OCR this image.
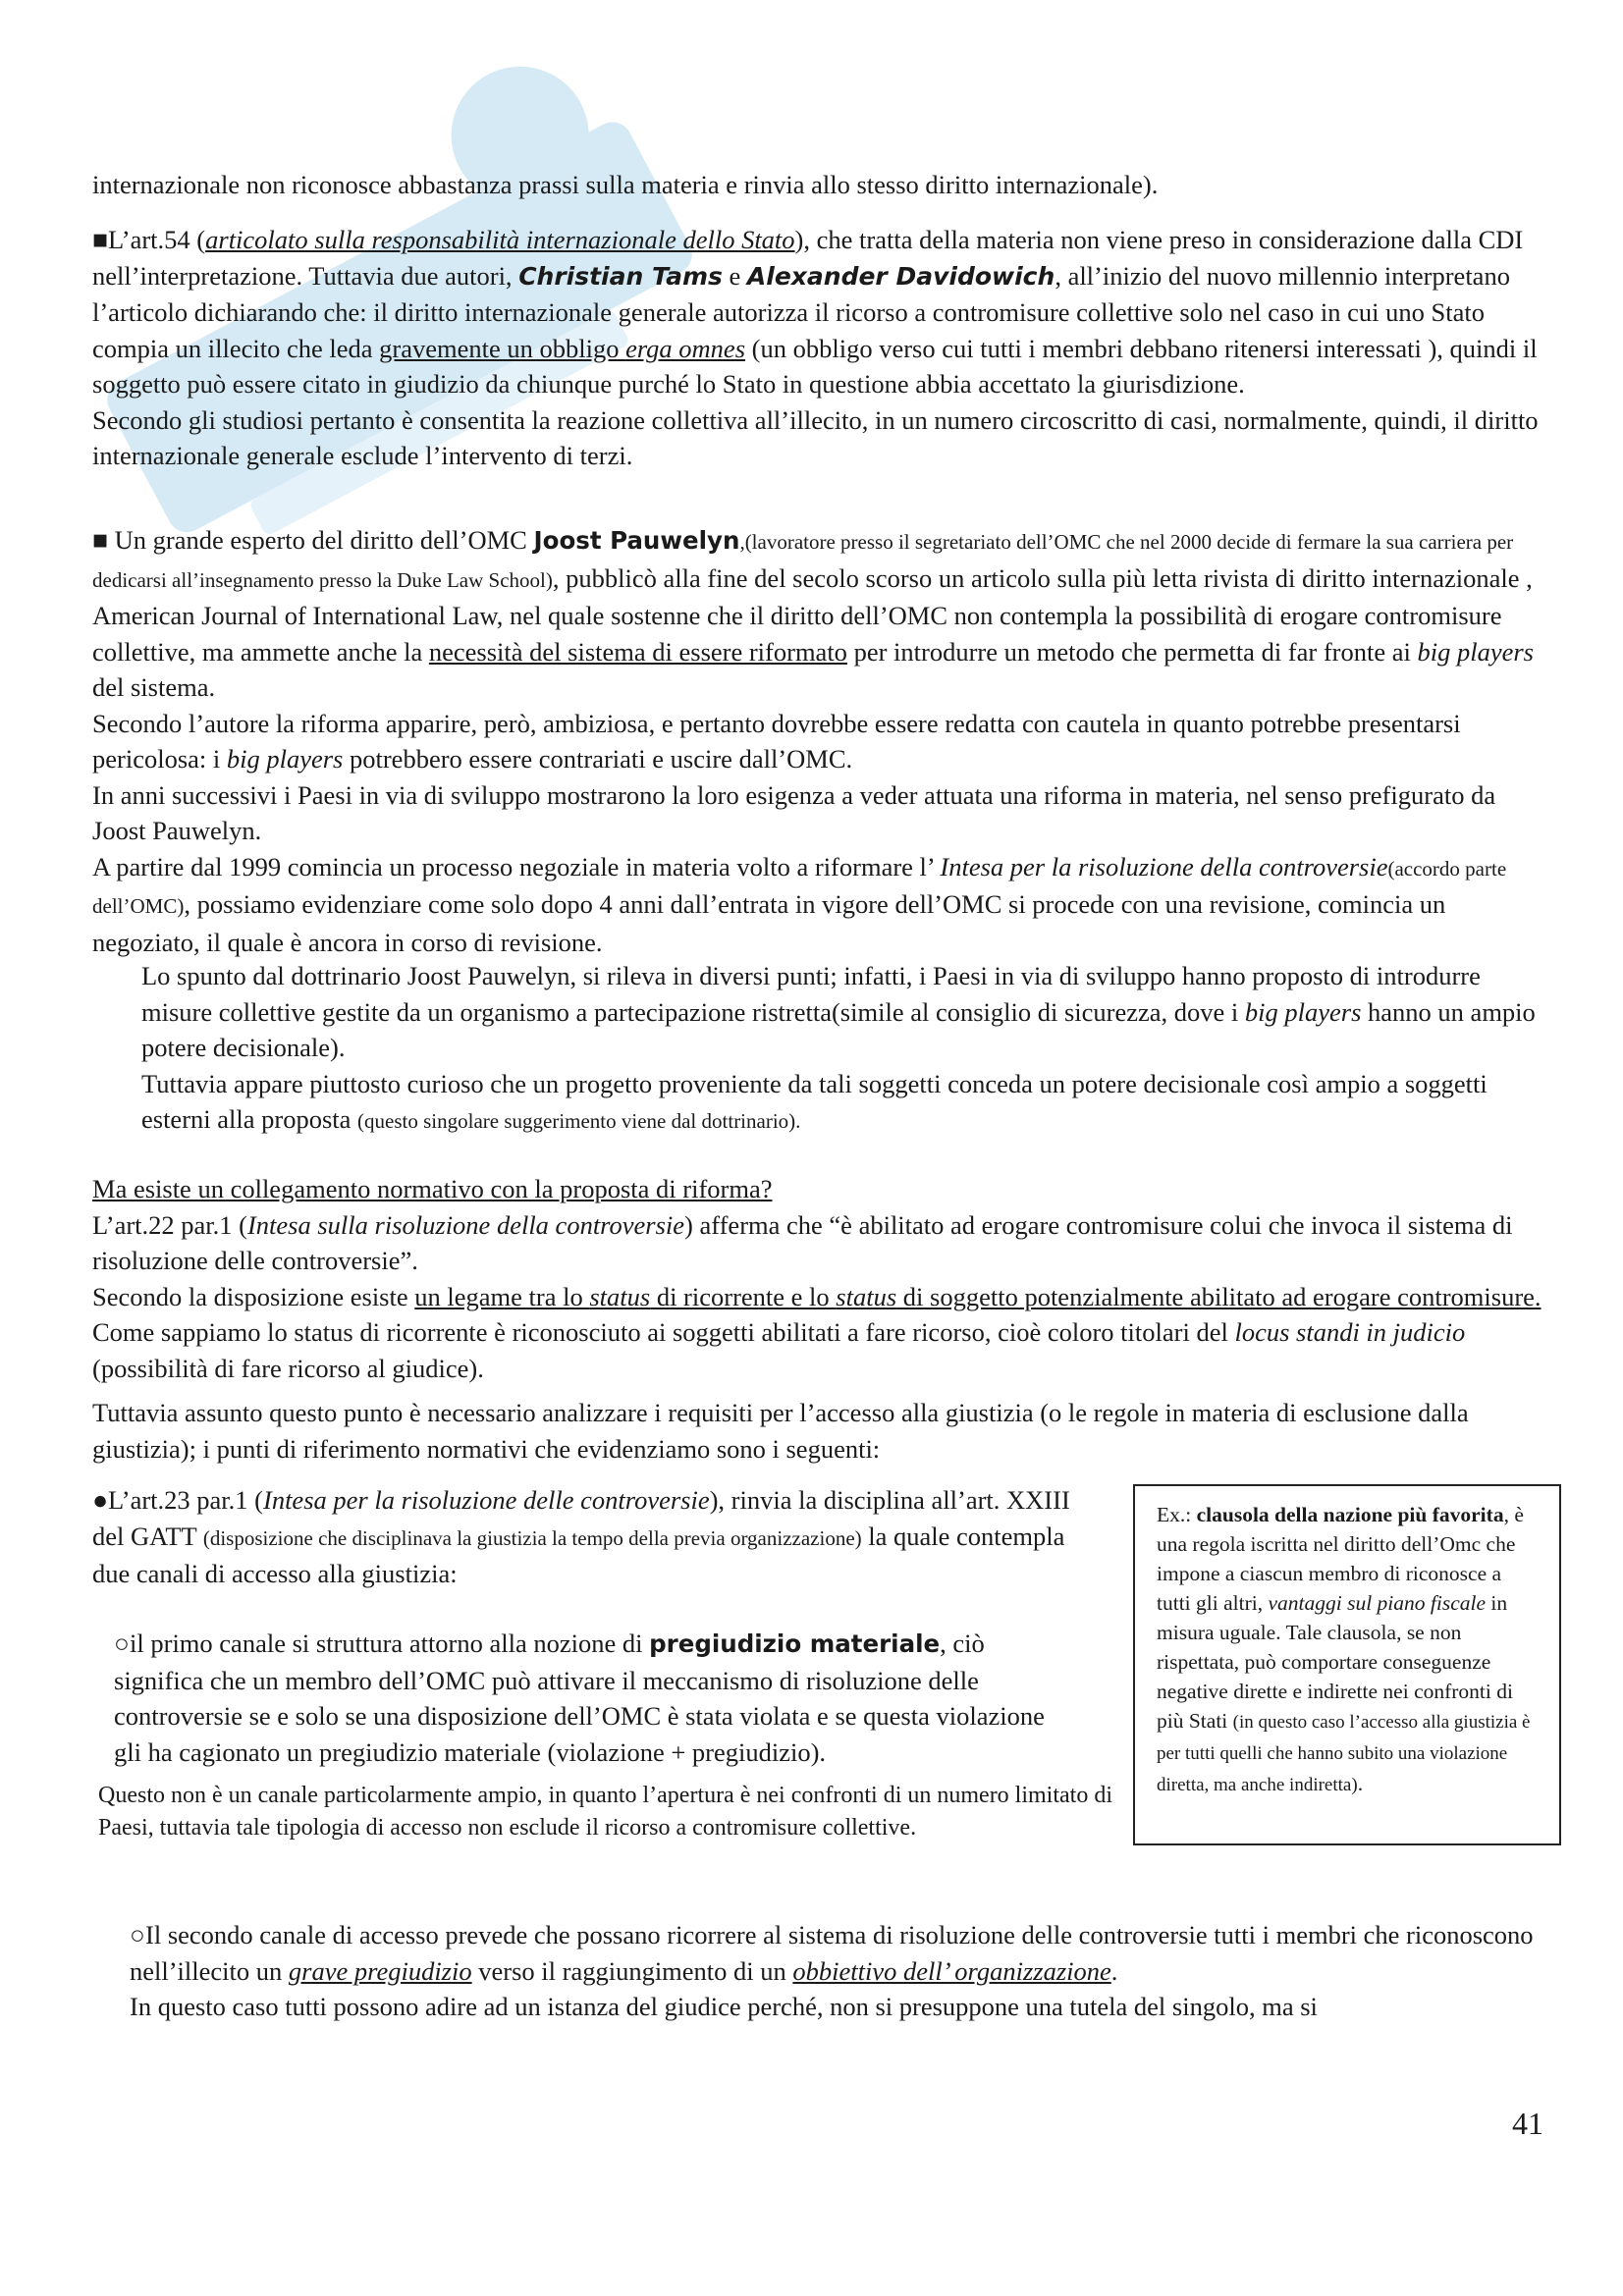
internazionale non riconosce abbastanza prassi sulla materia e rinvia allo stesso diritto internazionale).

■L’art.54 (articolato sulla responsabilità internazionale dello Stato), che tratta della materia non viene preso in considerazione dalla CDI nell’interpretazione. Tuttavia due autori, Christian Tams e Alexander Davidowich, all’inizio del nuovo millennio interpretano l’articolo dichiarando che: il diritto internazionale generale autorizza il ricorso a contromisure collettive solo nel caso in cui uno Stato compia un illecito che leda gravemente un obbligo erga omnes (un obbligo verso cui tutti i membri debbano ritenersi interessati ), quindi il soggetto può essere citato in giudizio da chiunque purché lo Stato in questione abbia accettato la giurisdizione.

Secondo gli studiosi pertanto è consentita la reazione collettiva all’illecito, in un numero circoscritto di casi, normalmente, quindi, il diritto internazionale generale esclude l’intervento di terzi.

■ Un grande esperto del diritto dell’OMC Joost Pauwelyn,(lavoratore presso il segretariato dell’OMC che nel 2000 decide di fermare la sua carriera per dedicarsi all’insegnamento presso la Duke Law School), pubblicò alla fine del secolo scorso un articolo sulla più letta rivista di diritto internazionale , American Journal of International Law, nel quale sostenne che il diritto dell’OMC non contempla la possibilità di erogare contromisure collettive, ma ammette anche la necessità del sistema di essere riformato per introdurre un metodo che permetta di far fronte ai big players del sistema.

Secondo l’autore la riforma apparire, però, ambiziosa, e pertanto dovrebbe essere redatta con cautela in quanto potrebbe presentarsi pericolosa: i big players potrebbero essere contrariati e uscire dall’OMC.

In anni successivi i Paesi in via di sviluppo mostrarono la loro esigenza a veder attuata una riforma in materia, nel senso prefigurato da Joost Pauwelyn.

A partire dal 1999 comincia un processo negoziale in materia volto a riformare l’ Intesa per la risoluzione della controversie(accordo parte dell’OMC), possiamo evidenziare come solo dopo 4 anni dall’entrata in vigore dell’OMC si procede con una revisione, comincia un negoziato, il quale è ancora in corso di revisione.

Lo spunto dal dottrinario Joost Pauwelyn, si rileva in diversi punti; infatti, i Paesi in via di sviluppo hanno proposto di introdurre misure collettive gestite da un organismo a partecipazione ristretta(simile al consiglio di sicurezza, dove i big players hanno un ampio potere decisionale).

Tuttavia appare piuttosto curioso che un progetto proveniente da tali soggetti conceda un potere decisionale così ampio a soggetti esterni alla proposta (questo singolare suggerimento viene dal dottrinario).

Ma esiste un collegamento normativo con la proposta di riforma?

L’art.22 par.1 (Intesa sulla risoluzione della controversie) afferma che “è abilitato ad erogare contromisure colui che invoca il sistema di risoluzione delle controversie”.

Secondo la disposizione esiste un legame tra lo status di ricorrente e lo status di soggetto potenzialmente abilitato ad erogare contromisure. Come sappiamo lo status di ricorrente è riconosciuto ai soggetti abilitati a fare ricorso, cioè coloro titolari del locus standi in judicio (possibilità di fare ricorso al giudice).

Tuttavia assunto questo punto è necessario analizzare i requisiti per l’accesso alla giustizia (o le regole in materia di esclusione dalla giustizia); i punti di riferimento normativi che evidenziamo sono i seguenti:

●L’art.23 par.1 (Intesa per la risoluzione delle controversie), rinvia la disciplina all’art. XXIII del GATT (disposizione che disciplinava la giustizia la tempo della previa organizzazione) la quale contempla due canali di accesso alla giustizia:

○il primo canale si struttura attorno alla nozione di pregiudizio materiale, ciò significa che un membro dell’OMC può attivare il meccanismo di risoluzione delle controversie se e solo se una disposizione dell’OMC è stata violata e se questa violazione gli ha cagionato un pregiudizio materiale (violazione + pregiudizio).

Questo non è un canale particolarmente ampio, in quanto l’apertura è nei confronti di un numero limitato di Paesi, tuttavia tale tipologia di accesso non esclude il ricorso a contromisure collettive.

Ex.: clausola della nazione più favorita, è una regola iscritta nel diritto dell’Omc che impone a ciascun membro di riconosce a tutti gli altri, vantaggi sul piano fiscale in misura uguale. Tale clausola, se non rispettata, può comportare conseguenze negative dirette e indirette nei confronti di più Stati (in questo caso l’accesso alla giustizia è per tutti quelli che hanno subito una violazione diretta, ma anche indiretta).

○Il secondo canale di accesso prevede che possano ricorrere al sistema di risoluzione delle controversie tutti i membri che riconoscono nell’illecito un grave pregiudizio verso il raggiungimento di un obbiettivo dell’ organizzazione.

In questo caso tutti possono adire ad un istanza del giudice perché, non si presuppone una tutela del singolo, ma si

41
